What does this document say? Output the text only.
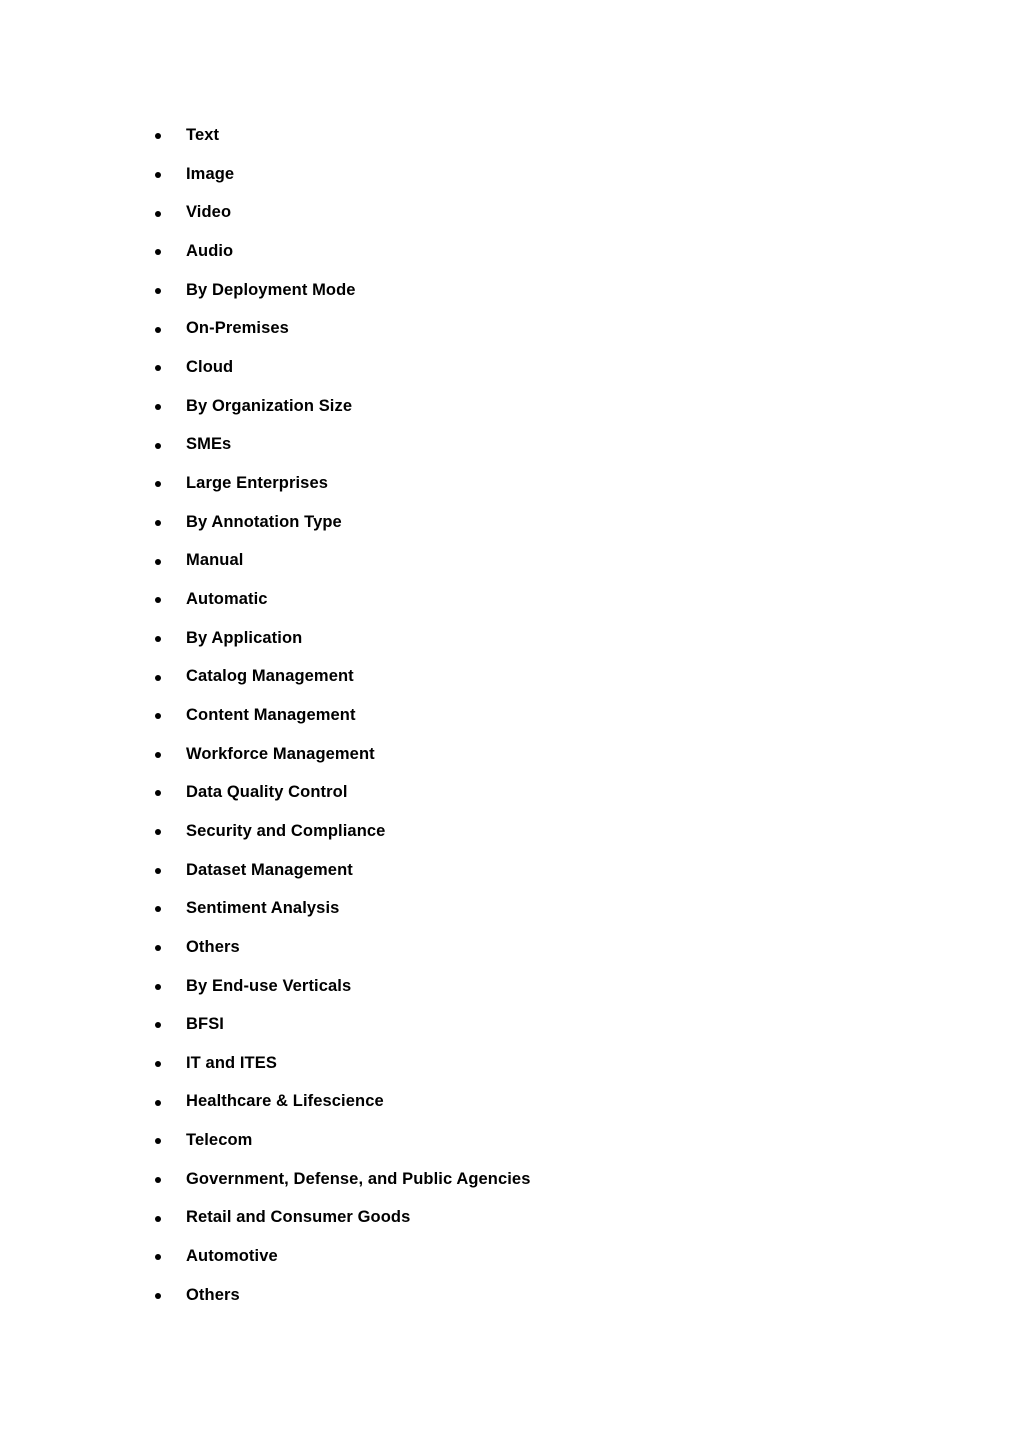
Text
Image
Video
Audio
By Deployment Mode
On-Premises
Cloud
By Organization Size
SMEs
Large Enterprises
By Annotation Type
Manual
Automatic
By Application
Catalog Management
Content Management
Workforce Management
Data Quality Control
Security and Compliance
Dataset Management
Sentiment Analysis
Others
By End-use Verticals
BFSI
IT and ITES
Healthcare & Lifescience
Telecom
Government, Defense, and Public Agencies
Retail and Consumer Goods
Automotive
Others
